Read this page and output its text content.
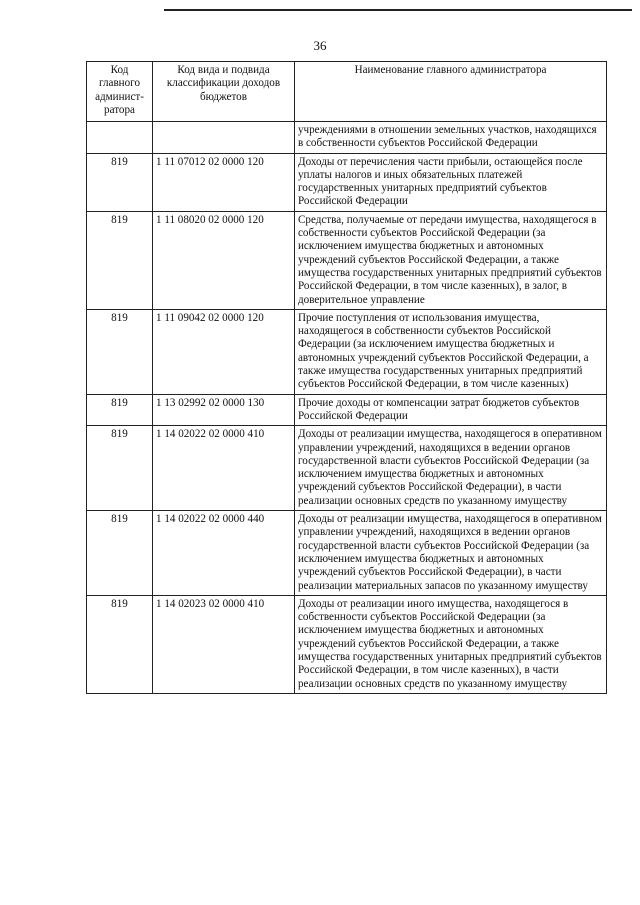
36
Код главного админист-ратора	Код вида и подвида классификации доходов бюджетов	Наименование главного администратора
		учреждениями в отношении земельных участков, находящихся в собственности субъектов Российской Федерации
819	1 11 07012 02 0000 120	Доходы от перечисления части прибыли, остающейся после уплаты налогов и иных обязательных платежей государственных унитарных предприятий субъектов Российской Федерации
819	1 11 08020 02 0000 120	Средства, получаемые от передачи имущества, находящегося в собственности субъектов Российской Федерации (за исключением имущества бюджетных и автономных учреждений субъектов Российской Федерации, а также имущества государственных унитарных предприятий субъектов Российской Федерации, в том числе казенных), в залог, в доверительное управление
819	1 11 09042 02 0000 120	Прочие поступления от использования имущества, находящегося в собственности субъектов Российской Федерации (за исключением имущества бюджетных и автономных учреждений субъектов Российской Федерации, а также имущества государственных унитарных предприятий субъектов Российской Федерации, в том числе казенных)
819	1 13 02992 02 0000 130	Прочие доходы от компенсации затрат бюджетов субъектов Российской Федерации
819	1 14 02022 02 0000 410	Доходы от реализации имущества, находящегося в оперативном управлении учреждений, находящихся в ведении органов государственной власти субъектов Российской Федерации (за исключением имущества бюджетных и автономных учреждений субъектов Российской Федерации), в части реализации основных средств по указанному имуществу
819	1 14 02022 02 0000 440	Доходы от реализации имущества, находящегося в оперативном управлении учреждений, находящихся в ведении органов государственной власти субъектов Российской Федерации (за исключением имущества бюджетных и автономных учреждений субъектов Российской Федерации), в части реализации материальных запасов по указанному имуществу
819	1 14 02023 02 0000 410	Доходы от реализации иного имущества, находящегося в собственности субъектов Российской Федерации (за исключением имущества бюджетных и автономных учреждений субъектов Российской Федерации, а также имущества государственных унитарных предприятий субъектов Российской Федерации, в том числе казенных), в части реализации основных средств по указанному имуществу
